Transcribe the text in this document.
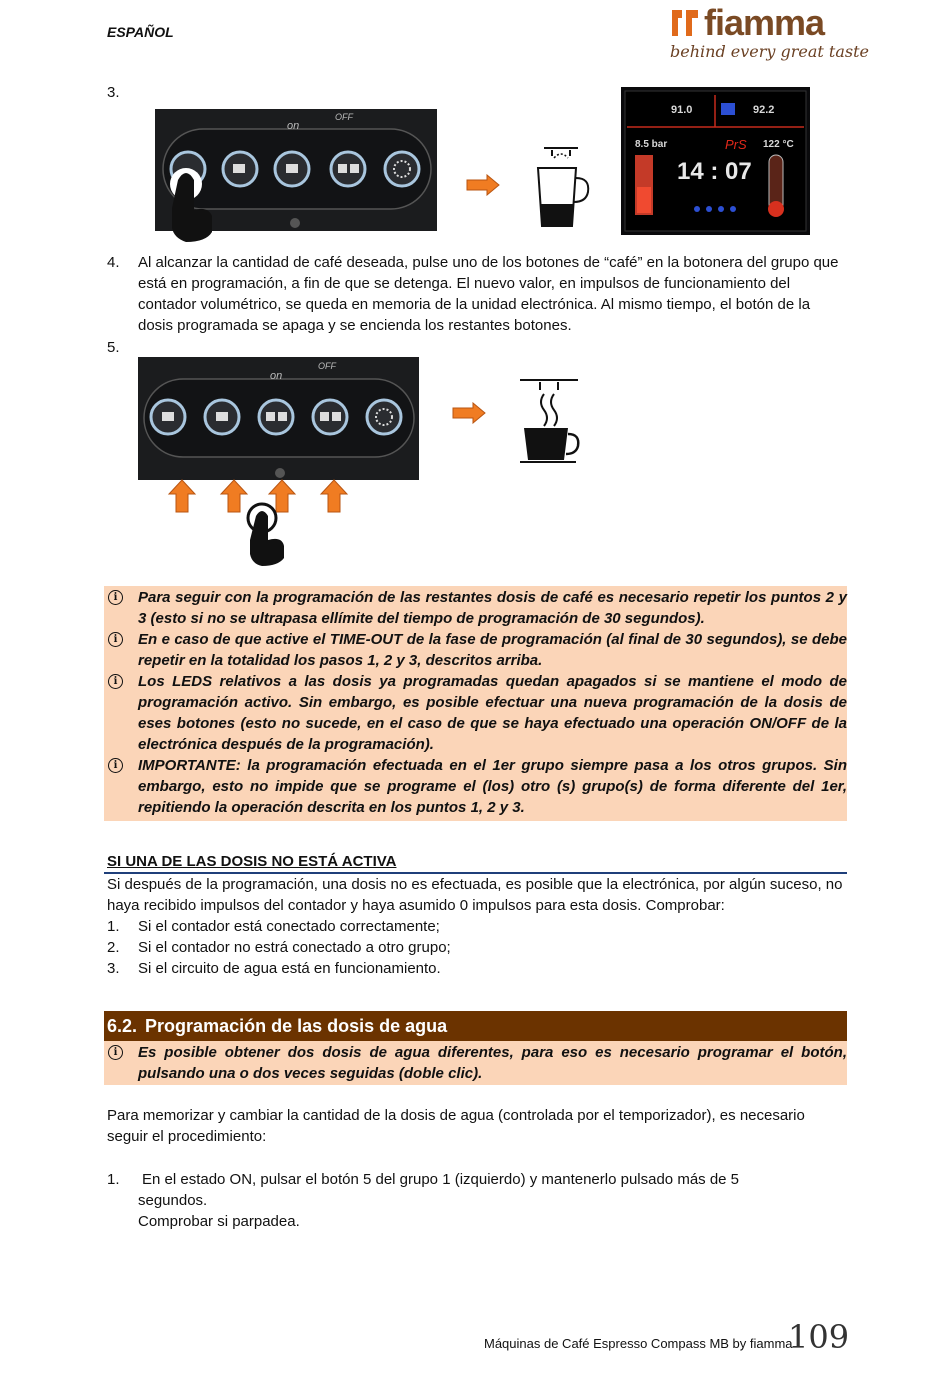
ESPAÑOL	fiamma
behind every great taste
3.
on
OFF
91.0	92.2
8.5 bar	PrS 122 °C
14 : 07
4. Al alcanzar la cantidad de café deseada, pulse uno de los botones de “café” en la botonera del grupo que está en programación, a fin de que se detenga. El nuevo valor, en impulsos de funcionamiento del contador volumétrico, se queda en memoria de la unidad electrónica. Al mismo tiempo, el botón de la dosis programada se apaga y se encienda los restantes botones.
5.
on
OFF
i	Para seguir con la programación de las restantes dosis de café es necesario repetir los puntos 2 y 3 (esto si no se ultrapasa ellímite del tiempo de programación de 30 segundos).
i	En e caso de que active el TIME-OUT de la fase de programación (al final de 30 segundos), se debe repetir en la totalidad los pasos 1, 2 y 3, descritos arriba.
i	Los LEDS relativos a las dosis ya programadas quedan apagados si se mantiene el modo de programación activo. Sin embargo, es posible efectuar una nueva programación de la dosis de eses botones (esto no sucede, en el caso de que se haya efectuado una operación ON/OFF de la electrónica después de la programación).
i	IMPORTANTE: la programación efectuada en el 1er grupo siempre pasa a los otros grupos. Sin embargo, esto no impide que se programe el (los) otro (s) grupo(s) de forma diferente del 1er, repitiendo la operación descrita en los puntos 1, 2 y 3.
SI UNA DE LAS DOSIS NO ESTÁ ACTIVA
Si después de la programación, una dosis no es efectuada, es posible que la electrónica, por algún suceso, no haya recibido impulsos del contador y haya asumido 0 impulsos para esta dosis. Comprobar:
1. Si el contador está conectado correctamente;
2. Si el contador no estrá conectado a otro grupo;
3. Si el circuito de agua está en funcionamiento.
6.2. Programación de las dosis de agua
i	Es posible obtener dos dosis de agua diferentes, para eso es necesario programar el botón, pulsando una o dos veces seguidas (doble clic).
Para memorizar y cambiar la cantidad de la dosis de agua (controlada por el temporizador), es necesario seguir el procedimiento:
1. En el estado ON, pulsar el botón 5 del grupo 1 (izquierdo) y mantenerlo pulsado más de 5 segundos.
Comprobar si parpadea.
Máquinas de Café Espresso Compass MB by fiamma
109
